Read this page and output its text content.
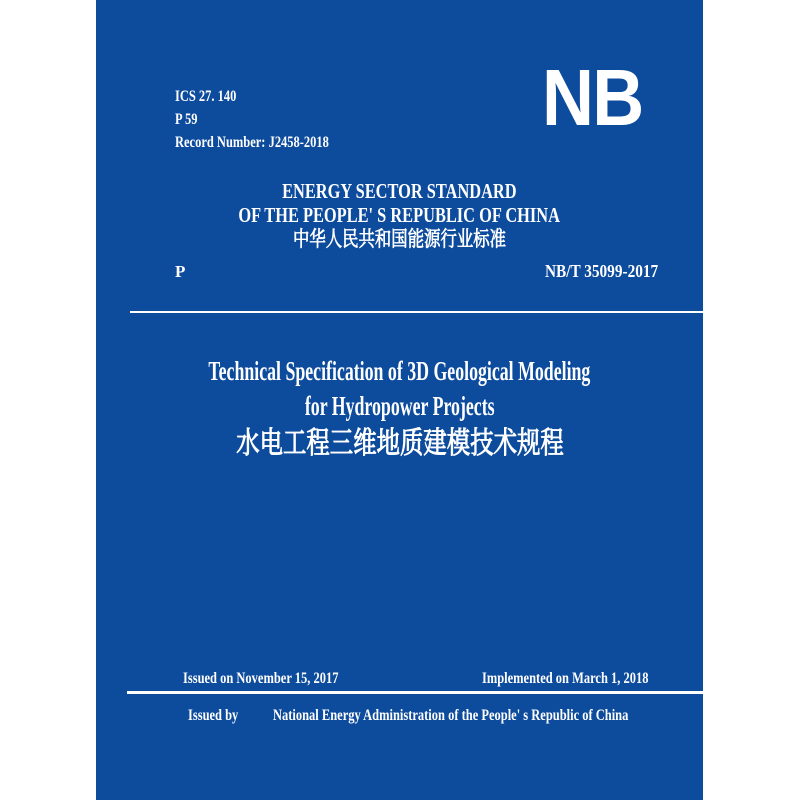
ICS 27. 140
P 59
Record Number: J2458-2018
NB
ENERGY SECTOR STANDARD
OF THE PEOPLE' S REPUBLIC OF CHINA
中华人民共和国能源行业标准
P	NB/T 35099-2017
Technical Specification of 3D Geological Modeling
for Hydropower Projects
水电工程三维地质建模技术规程
Issued on November 15, 2017	Implemented on March 1, 2018
Issued by	National Energy Administration of the People' s Republic of China
